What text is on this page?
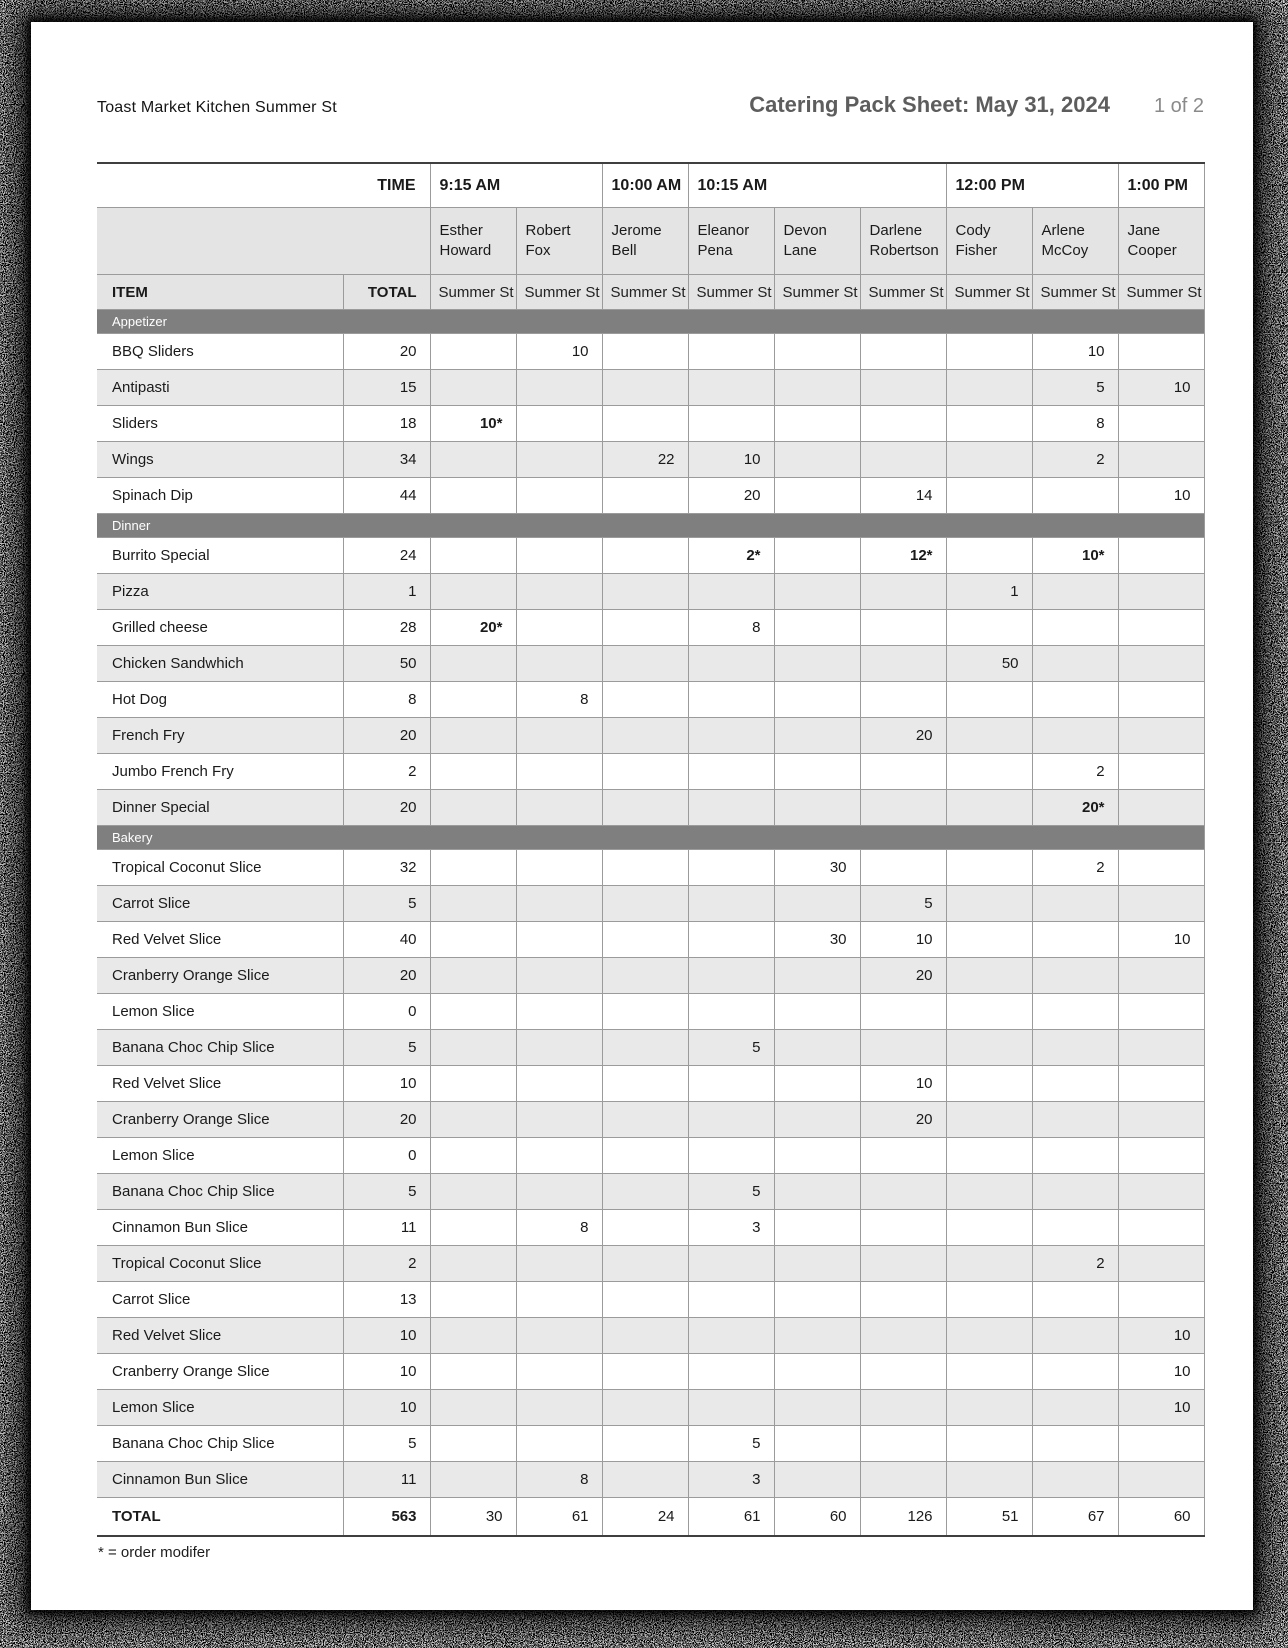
Toast Market Kitchen Summer St	Catering Pack Sheet: May 31, 2024 1 of 2
TIME		9:15 AM		10:00 AM	10:15 AM			12:00 PM		1:00 PM
		Esther Howard	Robert Fox	Jerome Bell	Eleanor Pena	Devon Lane	Darlene Robertson	Cody Fisher	Arlene McCoy	Jane Cooper
ITEM	TOTAL	Summer St	Summer St	Summer St	Summer St	Summer St	Summer St	Summer St	Summer St	Summer St
Appetizer										
BBQ Sliders	20		10						10	
Antipasti	15								5	10
Sliders	18	10*							8	
Wings	34			22	10				2	
Spinach Dip	44				20		14			10
Dinner										
Burrito Special	24				2*		12*		10*	
Pizza	1							1		
Grilled cheese	28	20*			8					
Chicken Sandwhich	50							50		
Hot Dog	8		8							
French Fry	20						20			
Jumbo French Fry	2								2	
Dinner Special	20								20*	
Bakery										
Tropical Coconut Slice	32					30			2	
Carrot Slice	5						5			
Red Velvet Slice	40					30	10			10
Cranberry Orange Slice	20						20			
Lemon Slice	0									
Banana Choc Chip Slice	5				5					
Red Velvet Slice	10						10			
Cranberry Orange Slice	20						20			
Lemon Slice	0									
Banana Choc Chip Slice	5				5					
Cinnamon Bun Slice	11		8		3					
Tropical Coconut Slice	2								2	
Carrot Slice	13									
Red Velvet Slice	10									10
Cranberry Orange Slice	10									10
Lemon Slice	10									10
Banana Choc Chip Slice	5				5					
Cinnamon Bun Slice	11		8		3					
TOTAL	563	30	61	24	61	60	126	51	67	60
* = order modifer
